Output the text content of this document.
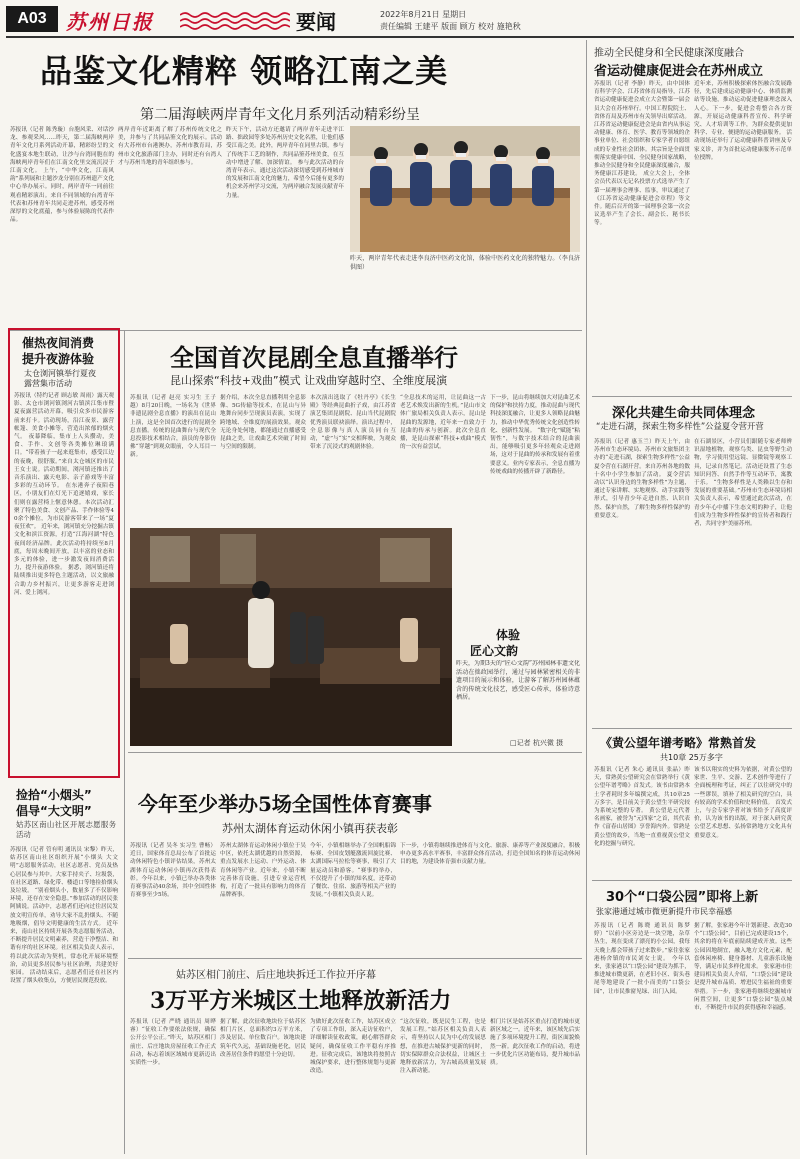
A03 苏州日报	要闻	2022年8月21日 星期日
责任编辑 王建平 版面 顾方 校对 施艳秋
品鉴文化精粹 领略江南之美
第二届海峡两岸青年文化月系列活动精彩纷呈
苏报讯（记者 陈秀璇）台胞风采、对话沙龙、参观采风……昨天，第二届海峡两岸青年文化月系列活动开幕，精彩纷呈的文化盛宴本地生联动，让沙与台湾同胞在的海峡两岸青年们在江南文化里交流沉浸于江南文化。 上午，“中华文化，江南风韵”系列展和主题沙龙分别在苏州遗产文化中心举办展示。同时，两岸青年一同前往观看精彩演出。来自不同领域的台湾青年代表和苏州青年共同走进苏州，感受苏州深厚的文化底蕴，参与体验展陈的代表作品。
两岸青年近距离了解了苏州传统文化之美，并参与了共同品鉴文化的展示。活动有大苏州市台港澳办，苏州市教育局，苏州市文化旅游部门主办，同时还有台湾人才与苏州当地的青年组织参与。
昨天下午，活动方还邀请了两岸青年走进平江路、拙政园等多处苏州历史文化名胜，让他们感受江南之美。此外，两岸青年在同里古镇，参与了传统手工艺的制作，共同品鉴苏州美食，在互动中增进了解、加深情谊。 参与此次活动的台湾青年表示，通过这次活动深切感受到苏州城市的发展和江南文化的魅力，希望今后能有更多的机会来苏州学习交流，为两岸融合发展贡献青年力量。
昨天，两岸青年代表走进李良济中医药文化馆，体验中医药文化的独特魅力。（李良济 供图）
推动全民健身和全民健康深度融合
省运动健康促进会在苏州成立
苏报讯（记者 李静）昨天，由中国体育科学学会、江苏省体育局指导，江苏省运动健康促进会成立大会暨第一届会员大会在苏州举行。中国工程院院士、省体育局及苏州市有关领导出席活动。 江苏省运动健康促进会是由省内从事运动健康、体育、医学、教育等领域的企事业单位、社会组织和专家学者自愿组成的专业性社会团体。其宗旨是全面贯彻落实健康中国、全民健身国家战略，推动全民健身和全民健康深度融合，服务健康江苏建设。 成立大会上，全体会员代表以无记名投票方式选举产生了第一届理事会理事、监事，审议通过了《江苏省运动健康促进会章程》等文件。随后召开的第一届理事会第一次会议选举产生了会长、副会长、秘书长等。
近年来，苏州积极探索体医融合发展路径，先后建成运动健康中心、体质监测站等设施，推动运动促进健康理念深入人心。下一步，促进会将整合各方资源，开展运动健康科普宣传、科学研究、人才培训等工作，为群众提供更加科学、专业、便捷的运动健康服务。 活动现场还举行了运动健康科普讲座及专家义诊，并为首批运动健康服务示范单位授牌。
催热夜间消费
提升夜游体验
太仓浏河镇举行夏夜
露营集市活动
苏报讯（特约记者 顾志敏 周雨）露天观影、太仓市浏河镇浏河古镇滨江集市暨夏夜露营活动开幕，吸引众多市民游客前来打卡。活动现场，沿江夜景、露营帐篷、美食小摊等，营造出浓郁的烟火气。 夜幕降临，集市上人头攒动，美食、手作、文创等各类摊位琳琅满目。“带着孩子一起来逛集市，感受江边的夜晚，很舒服。”来自太仓城区的市民王女士说。活动期间，浏河镇还推出了音乐演出、露天电影、亲子游戏等丰富多彩的互动环节。 在东港奔子夜陌巷区，小朋友们在灯光下追逐嬉戏，家长们则在露营椅上惬意休憩。本次活动汇聚了特色美食、文创产品、手作体验等40余个摊位，为市民游客带来了一场“夏夜狂欢”。 近年来，浏河镇充分挖掘古镇文化和滨江资源，打造“江海河湖”特色夜间经济品牌。此次活动将持续至8月底，每周末晚间开放，以丰富的业态和多元的体验，进一步激发夜间消费活力，提升夜游体验。 据悉，浏河镇还将陆续推出更多特色主题活动，以文旅融合助力乡村振兴，让更多游客走进浏河、爱上浏河。
全国首次昆剧全息直播举行
昆山探索“科技+戏曲”模式 让戏曲穿越时空、全维度展演
苏报讯（记者 赵亮 实习生 王子越）8月20日晚，一场名为《世界非遗昆剧全息直播》的演出在昆山上演，这是全国首次进行的昆剧全息直播。传统的昆曲舞台与现代全息投影技术相结合，演员的身影仿佛“穿越”到观众眼前，令人耳目一新。
据介绍，本次全息直播利用全息影像、5G传输等技术，在昆山与异地舞台同步呈现演员表演，实现了跨地域、全维度的展演效果。观众无论身处何地，都能通过直播感受昆曲之美，让戏曲艺术突破了时间与空间的限制。
本次演出选取了《牡丹亭》《长生殿》等经典昆曲折子戏，由江苏省演艺集团昆剧院、昆山当代昆剧院优秀演员联袂演绎。演出过程中，全息影像与真人演员同台互动，“虚”与“实”交相辉映，为观众带来了沉浸式的观剧体验。
“全息技术的运用，让昆曲这一古老艺术焕发出新的生机。”昆山市文体广旅局相关负责人表示，昆山是昆曲的发源地，近年来一直致力于昆曲的传承与创新。此次全息直播，是昆山探索“科技+戏曲”模式的一次有益尝试。
下一步，昆山将继续加大对昆曲艺术的保护和扶持力度，推动昆曲与现代科技深度融合，让更多人领略昆曲魅力，推动中华优秀传统文化创造性转化、创新性发展。 “数字化”赋能“粘韧性”，与数字技术结合的昆曲演出，能够吸引更多年轻观众走进剧场，这对于昆曲的传承和发展有着重要意义。业内专家表示，全息直播为传统戏曲的传播开辟了新路径。
体验
匠心文韵
昨天，为期3天的“匠心文韵”苏州园林非遗文化活动在拙政园举行，通过与园林紧密相关的非遗项目的展示和体验，让游客了解苏州园林蕴含的传统文化技艺，感受匠心传承，体验诗意栖居。
□记者 杭兴微 摄
深化共建生命共同体理念
“走进石湖，探索生物多样性”公益夏令营开营
苏报讯（记者 惠玉兰）昨天上午，由苏州市生态环境局、苏州市文旅集团主办的“走进石湖，探索生物多样性”公益夏令营在石湖开营。来自苏州各地的数十名中小学生参加了活动。 夏令营活动以“认识身边的生物多样性”为主题，通过专家讲解、实地观察、动手实践等形式，引导青少年走进自然、认识自然、保护自然，了解生物多样性保护的重要意义。
在石湖景区，小营员们跟随专家老师辨识湿地植物，观察鸟类、昆虫等野生动物，学习使用望远镜、显微镜等观察工具，记录自然笔记。活动还设置了生态知识问答、自然手作等互动环节，寓教于乐。 “生物多样性是人类赖以生存和发展的重要基础。”苏州市生态环境局相关负责人表示，希望通过此次活动，在青少年心中播下生态文明的种子，让他们成为生物多样性保护的宣传者和践行者，共同守护美丽苏州。
《黄公望年谱考略》常熟首发
共10章 25万多字
苏报讯（记者 朱心 通讯员 张晶）昨天，常熟黄公望研究会在常熟举行《黄公望年谱考略》首发式。该书由常熟本土学者耗时多年编撰完成，共10章25万多字，是目前关于黄公望生平研究较为系统完整的专著。 黄公望是元代著名画家，被誉为“元四家”之首，其代表作《富春山居图》享誉海内外。常熟是黄公望的故乡，当地一直重视黄公望文化的挖掘与研究。
该书以翔实的史料为依据，对黄公望的家世、生平、交游、艺术创作等进行了全面梳理和考证，纠正了以往研究中的一些谬误，填补了相关研究的空白，具有较高的学术价值和史料价值。 首发式上，与会专家学者对该书给予了高度评价，认为该书的出版，对于深入研究黄公望艺术思想、弘扬常熟地方文化具有重要意义。
30个“口袋公园”即将上新
张家港通过城市微更新提升市民幸福感
苏报讯（记者 陈晓 通讯员 陈梦婷）“以前小区旁边是一块空地，杂草丛生，现在变成了漂亮的小公园，我每天晚上都会带孩子过来散步。”家住张家港杨舍镇的市民刘女士说。 今年以来，张家港以“口袋公园”建设为抓手，推进城市微更新，在老旧小区、街头巷尾等地建设了一批小而美的“口袋公园”，让市民推窗见绿、出门入园。
据了解，张家港今年计划新建、改造30个“口袋公园”，目前已完成建设15个，其余的将在年底前陆续建成开放。这些公园因地制宜，融入地方文化元素，配套休闲座椅、健身器材、儿童游乐设施等，满足市民多样化需求。 张家港市住建局相关负责人介绍，“口袋公园”建设是提升城市品质、增进民生福祉的重要举措。下一步，张家港将继续挖掘城市闲置空间，让更多“口袋公园”装点城市，不断提升市民的获得感和幸福感。
捡拾“小烟头”
倡导“大文明”
姑苏区南山社区开展志愿服务活动
苏报讯（记者 管有明 通讯员 宋黎）昨天，姑苏区南山社区组织开展“小烟头 大文明”志愿服务活动，社区志愿者、党员及热心居民参与其中。大家手持夹子、垃圾袋，在社区道路、绿化带、楼道口等地捡拾烟头及垃圾。 “别看烟头小，数量多了不仅影响环境，还存在安全隐患。”参加活动的居民张阿姨说。活动中，志愿者们还向过往居民发放文明宣传单，劝导大家不乱扔烟头、不随地吸烟，倡导文明健康的生活方式。 近年来，南山社区持续开展各类志愿服务活动，不断提升居民文明素养，营造干净整洁、和谐有序的社区环境。社区相关负责人表示，将以此次活动为契机，常态化开展环境整治，动员更多居民参与社区治理，共建美好家园。 活动结束后，志愿者们还在社区内设置了烟头收集点，方便居民规范投放。
今年至少举办5场全国性体育赛事
苏州太湖体育运动休闲小镇再获表彰
苏报讯（记者 吴冬 实习生 曹畅）近日，国家体育总局公布了首批运动休闲特色小镇评估结果，苏州太湖体育运动休闲小镇再次获得表彰。今年以来，小镇已举办各类体育赛事活动40余场，其中全国性体育赛事至少5场。
苏州太湖体育运动休闲小镇位于吴中区，依托太湖优越的自然资源，重点发展水上运动、户外运动、体育休闲等产业。近年来，小镇不断完善体育设施，引进专业运营机构，打造了一批具有影响力的体育品牌赛事。
今年，小镇相继举办了全国帆船锦标赛、全国皮划艇激流回旋比赛、太湖国际马拉松等赛事，吸引了大量运动员和游客。“赛事的举办，不仅提升了小镇的知名度，还带动了餐饮、住宿、旅游等相关产业的发展。”小镇相关负责人说。
下一步，小镇将继续推进体育与文化、旅游、康养等产业深度融合，积极申办更多高水平赛事，丰富群众体育活动，打造全国知名的体育运动休闲目的地，为建设体育强市贡献力量。
姑苏区相门前庄、后庄地块拆迁工作拉开序幕
3万平方米城区土地释放新活力
苏报讯（记者 严晓 通讯员 周晔睿）“征收工作要依法依规，确保公开公平公正。”昨天，姑苏区相门前庄、后庄地块房屋征收工作正式启动，标志着该区域城市更新迈出实质性一步。
据了解，此次征收地块位于姑苏区相门片区，总面积约3万平方米，涉及居民、单位数百户。该地块建筑年代久远，基础设施老化，居民改善居住条件的愿望十分迫切。
为做好此次征收工作，姑苏区成立了专项工作组，深入走访征收户，详细解读征收政策，耐心解答群众疑问，确保征收工作平稳有序推进。征收完成后，该地块将按照古城保护要求，进行整体规划与更新改造。
“这次征收，既是民生工程，也是发展工程。”姑苏区相关负责人表示，将坚持以人民为中心的发展思想，在推进古城保护更新的同时，切实保障群众合法权益，让城区土地释放新活力，为古城高质量发展注入新动能。
相门片区是姑苏区重点打造的城市更新区域之一。近年来，该区域先后实施了多项环境提升工程，街区面貌焕然一新。此次征收工作的启动，将进一步优化片区功能布局，提升城市品质。
